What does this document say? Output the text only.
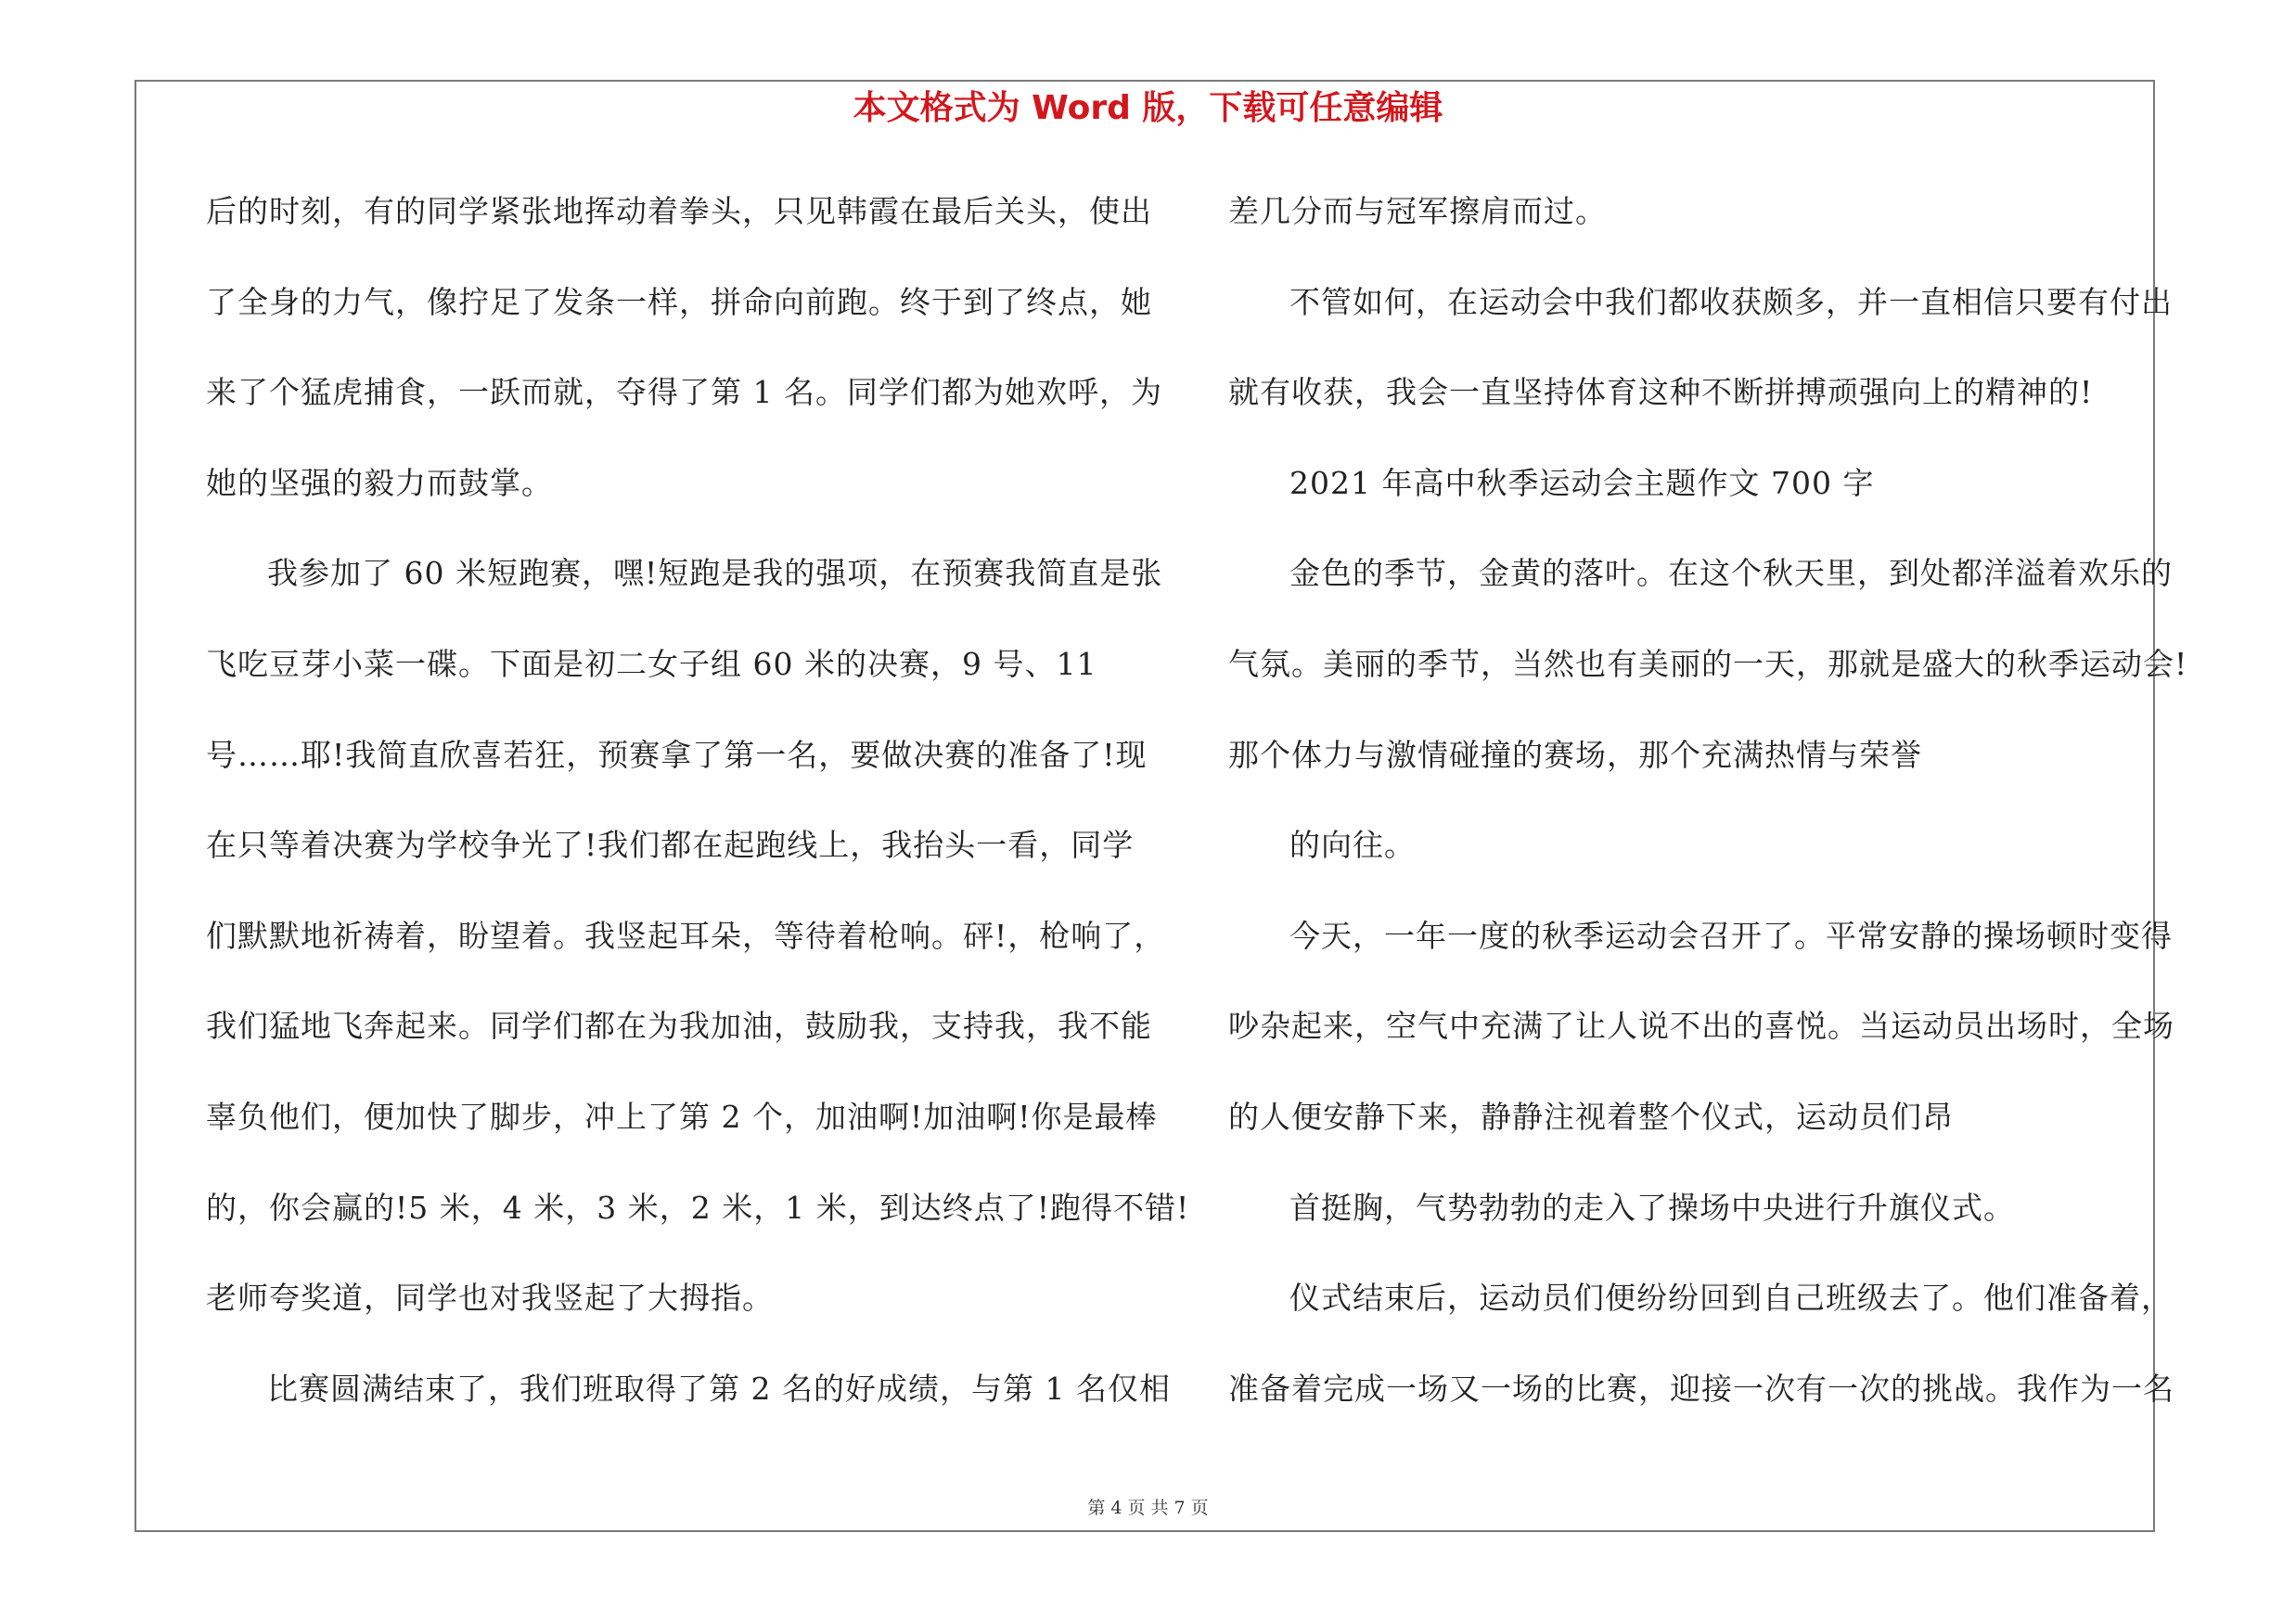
本文格式为 Word 版，下载可任意编辑
后的时刻，有的同学紧张地挥动着拳头，只见韩霞在最后关头，使出
了全身的力气，像拧足了发条一样，拼命向前跑。终于到了终点，她
来了个猛虎捕食，一跃而就，夺得了第 1 名。同学们都为她欢呼，为
她的坚强的毅力而鼓掌。
我参加了 60 米短跑赛，嘿!短跑是我的强项，在预赛我简直是张
飞吃豆芽小菜一碟。下面是初二女子组 60 米的决赛，9 号、11
号……耶!我简直欣喜若狂，预赛拿了第一名，要做决赛的准备了!现
在只等着决赛为学校争光了!我们都在起跑线上，我抬头一看，同学
们默默地祈祷着，盼望着。我竖起耳朵，等待着枪响。砰!，枪响了，
我们猛地飞奔起来。同学们都在为我加油，鼓励我，支持我，我不能
辜负他们，便加快了脚步，冲上了第 2 个，加油啊!加油啊!你是最棒
的，你会赢的!5 米，4 米，3 米，2 米，1 米，到达终点了!跑得不错!
老师夸奖道，同学也对我竖起了大拇指。
比赛圆满结束了，我们班取得了第 2 名的好成绩，与第 1 名仅相
差几分而与冠军擦肩而过。
不管如何，在运动会中我们都收获颇多，并一直相信只要有付出
就有收获，我会一直坚持体育这种不断拼搏顽强向上的精神的!
2021 年高中秋季运动会主题作文 700 字
金色的季节，金黄的落叶。在这个秋天里，到处都洋溢着欢乐的
气氛。美丽的季节，当然也有美丽的一天，那就是盛大的秋季运动会!
那个体力与激情碰撞的赛场，那个充满热情与荣誉
的向往。
今天，一年一度的秋季运动会召开了。平常安静的操场顿时变得
吵杂起来，空气中充满了让人说不出的喜悦。当运动员出场时，全场
的人便安静下来，静静注视着整个仪式，运动员们昂
首挺胸，气势勃勃的走入了操场中央进行升旗仪式。
仪式结束后，运动员们便纷纷回到自己班级去了。他们准备着，
准备着完成一场又一场的比赛，迎接一次有一次的挑战。我作为一名
第 4 页 共 7 页
